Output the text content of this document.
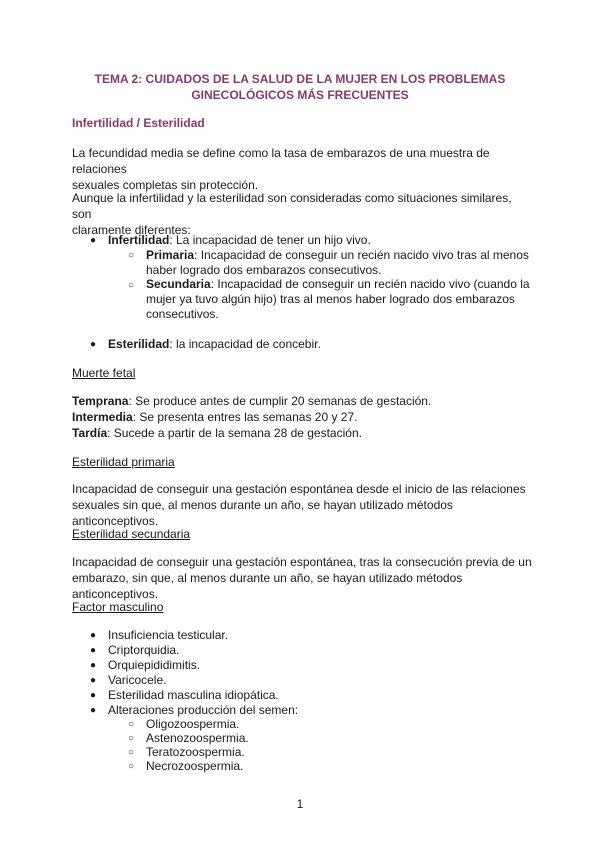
TEMA 2: CUIDADOS DE LA SALUD DE LA MUJER EN LOS PROBLEMAS
GINECOLÓGICOS MÁS FRECUENTES
Infertilidad / Esterilidad
La fecundidad media se define como la tasa de embarazos de una muestra de relaciones
sexuales completas sin protección.
Aunque la infertilidad y la esterilidad son consideradas como situaciones similares, son
claramente diferentes:
● Infertilidad: La incapacidad de tener un hijo vivo.
○ Primaria: Incapacidad de conseguir un recién nacido vivo tras al menos
haber logrado dos embarazos consecutivos.
○ Secundaria: Incapacidad de conseguir un recién nacido vivo (cuando la
mujer ya tuvo algún hijo) tras al menos haber logrado dos embarazos
consecutivos.
● Esterilidad: la incapacidad de concebir.
Muerte fetal
Temprana: Se produce antes de cumplir 20 semanas de gestación.
Intermedia: Se presenta entres las semanas 20 y 27.
Tardía: Sucede a partir de la semana 28 de gestación.
Esterilidad primaria
Incapacidad de conseguir una gestación espontánea desde el inicio de las relaciones
sexuales sin que, al menos durante un año, se hayan utilizado métodos anticonceptivos.
Esterilidad secundaria
Incapacidad de conseguir una gestación espontánea, tras la consecución previa de un
embarazo, sin que, al menos durante un año, se hayan utilizado métodos anticonceptivos.
Factor masculino
● Insuficiencia testicular.
● Criptorquidia.
● Orquiepididimitis.
● Varicocele.
● Esterilidad masculina idiopática.
● Alteraciones producción del semen:
○ Oligozoospermia.
○ Astenozoospermia.
○ Teratozoospermia.
○ Necrozoospermia.
1
